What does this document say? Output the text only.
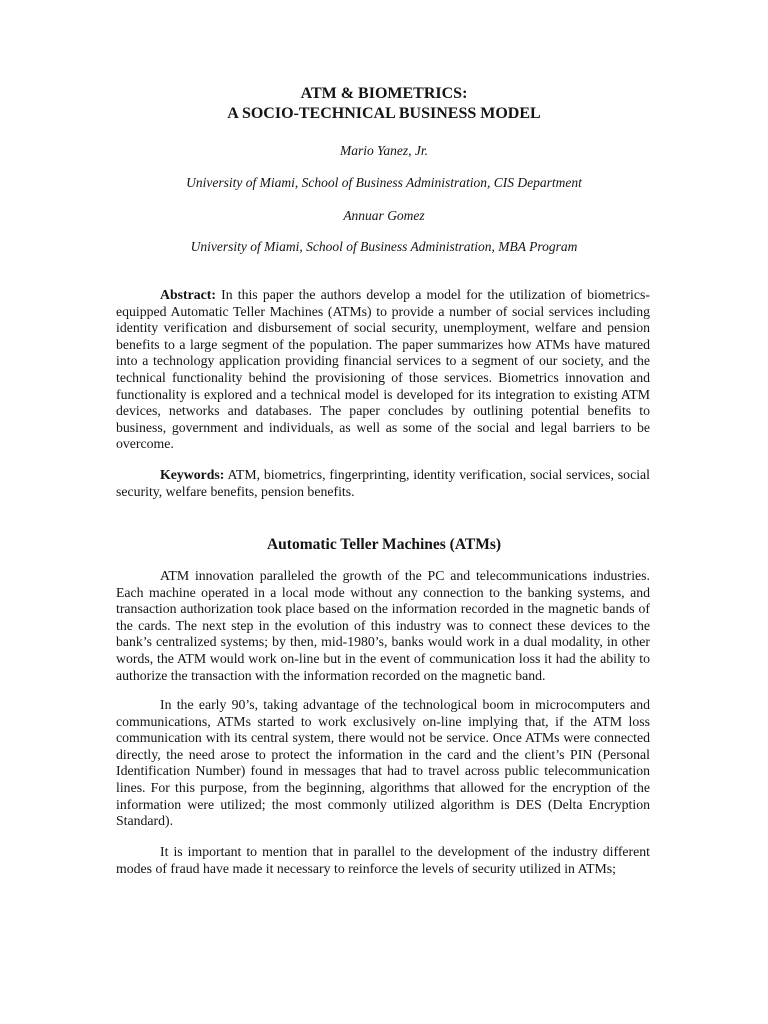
ATM & BIOMETRICS:
A SOCIO-TECHNICAL BUSINESS MODEL

Mario Yanez, Jr.

University of Miami, School of Business Administration, CIS Department

Annuar Gomez

University of Miami, School of Business Administration, MBA Program

Abstract: In this paper the authors develop a model for the utilization of biometrics-equipped Automatic Teller Machines (ATMs) to provide a number of social services including identity verification and disbursement of social security, unemployment, welfare and pension benefits to a large segment of the population. The paper summarizes how ATMs have matured into a technology application providing financial services to a segment of our society, and the technical functionality behind the provisioning of those services. Biometrics innovation and functionality is explored and a technical model is developed for its integration to existing ATM devices, networks and databases. The paper concludes by outlining potential benefits to business, government and individuals, as well as some of the social and legal barriers to be overcome.

Keywords: ATM, biometrics, fingerprinting, identity verification, social services, social security, welfare benefits, pension benefits.

Automatic Teller Machines (ATMs)

ATM innovation paralleled the growth of the PC and telecommunications industries. Each machine operated in a local mode without any connection to the banking systems, and transaction authorization took place based on the information recorded in the magnetic bands of the cards. The next step in the evolution of this industry was to connect these devices to the bank’s centralized systems; by then, mid-1980’s, banks would work in a dual modality, in other words, the ATM would work on-line but in the event of communication loss it had the ability to authorize the transaction with the information recorded on the magnetic band.

In the early 90’s, taking advantage of the technological boom in microcomputers and communications, ATMs started to work exclusively on-line implying that, if the ATM loss communication with its central system, there would not be service. Once ATMs were connected directly, the need arose to protect the information in the card and the client’s PIN (Personal Identification Number) found in messages that had to travel across public telecommunication lines. For this purpose, from the beginning, algorithms that allowed for the encryption of the information were utilized; the most commonly utilized algorithm is DES (Delta Encryption Standard).

It is important to mention that in parallel to the development of the industry different modes of fraud have made it necessary to reinforce the levels of security utilized in ATMs;
